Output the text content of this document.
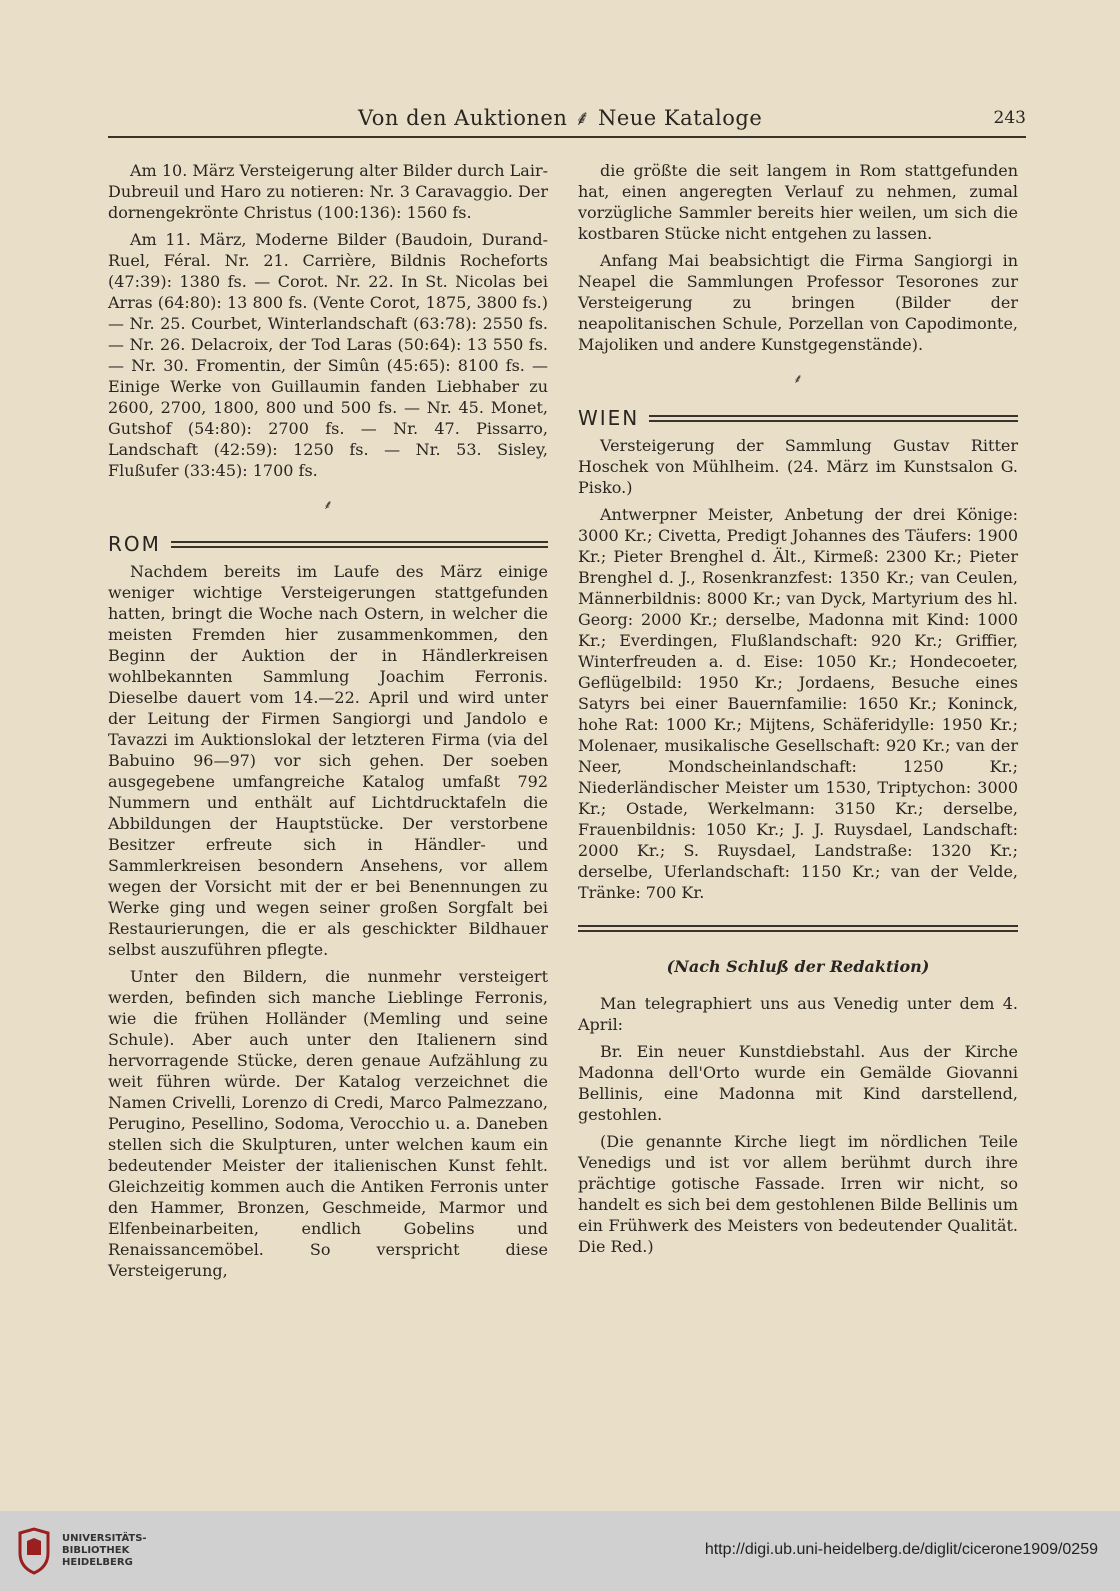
Von den Auktionen ⸙ Neue Kataloge	243

Am 10. März Versteigerung alter Bilder durch Lair-Dubreuil und Haro zu notieren: Nr. 3 Caravaggio. Der dornengekrönte Christus (100:136): 1560 fs.

Am 11. März, Moderne Bilder (Baudoin, Durand-Ruel, Féral. Nr. 21. Carrière, Bildnis Rocheforts (47:39): 1380 fs. — Corot. Nr. 22. In St. Nicolas bei Arras (64:80): 13 800 fs. (Vente Corot, 1875, 3800 fs.) — Nr. 25. Courbet, Winterlandschaft (63:78): 2550 fs. — Nr. 26. Delacroix, der Tod Laras (50:64): 13 550 fs. — Nr. 30. Fromentin, der Simûn (45:65): 8100 fs. — Einige Werke von Guillaumin fanden Liebhaber zu 2600, 2700, 1800, 800 und 500 fs. — Nr. 45. Monet, Gutshof (54:80): 2700 fs. — Nr. 47. Pissarro, Landschaft (42:59): 1250 fs. — Nr. 53. Sisley, Flußufer (33:45): 1700 fs.

⸙
ROM

Nachdem bereits im Laufe des März einige weniger wichtige Versteigerungen stattgefunden hatten, bringt die Woche nach Ostern, in welcher die meisten Fremden hier zusammenkommen, den Beginn der Auktion der in Händlerkreisen wohlbekannten Sammlung Joachim Ferronis. Dieselbe dauert vom 14.—22. April und wird unter der Leitung der Firmen Sangiorgi und Jandolo e Tavazzi im Auktionslokal der letzteren Firma (via del Babuino 96—97) vor sich gehen. Der soeben ausgegebene umfangreiche Katalog umfaßt 792 Nummern und enthält auf Lichtdrucktafeln die Abbildungen der Hauptstücke. Der verstorbene Besitzer erfreute sich in Händler- und Sammlerkreisen besondern Ansehens, vor allem wegen der Vorsicht mit der er bei Benennungen zu Werke ging und wegen seiner großen Sorgfalt bei Restaurierungen, die er als geschickter Bildhauer selbst auszuführen pflegte.

Unter den Bildern, die nunmehr versteigert werden, befinden sich manche Lieblinge Ferronis, wie die frühen Holländer (Memling und seine Schule). Aber auch unter den Italienern sind hervorragende Stücke, deren genaue Aufzählung zu weit führen würde. Der Katalog verzeichnet die Namen Crivelli, Lorenzo di Credi, Marco Palmezzano, Perugino, Pesellino, Sodoma, Verocchio u. a. Daneben stellen sich die Skulpturen, unter welchen kaum ein bedeutender Meister der italienischen Kunst fehlt. Gleichzeitig kommen auch die Antiken Ferronis unter den Hammer, Bronzen, Geschmeide, Marmor und Elfenbeinarbeiten, endlich Gobelins und Renaissancemöbel. So verspricht diese Versteigerung,

die größte die seit langem in Rom stattgefunden hat, einen angeregten Verlauf zu nehmen, zumal vorzügliche Sammler bereits hier weilen, um sich die kostbaren Stücke nicht entgehen zu lassen.

Anfang Mai beabsichtigt die Firma Sangiorgi in Neapel die Sammlungen Professor Tesorones zur Versteigerung zu bringen (Bilder der neapolitanischen Schule, Porzellan von Capodimonte, Majoliken und andere Kunstgegenstände).

⸙
WIEN

Versteigerung der Sammlung Gustav Ritter Hoschek von Mühlheim. (24. März im Kunstsalon G. Pisko.)

Antwerpner Meister, Anbetung der drei Könige: 3000 Kr.; Civetta, Predigt Johannes des Täufers: 1900 Kr.; Pieter Brenghel d. Ält., Kirmeß: 2300 Kr.; Pieter Brenghel d. J., Rosenkranzfest: 1350 Kr.; van Ceulen, Männerbildnis: 8000 Kr.; van Dyck, Martyrium des hl. Georg: 2000 Kr.; derselbe, Madonna mit Kind: 1000 Kr.; Everdingen, Flußlandschaft: 920 Kr.; Griffier, Winterfreuden a. d. Eise: 1050 Kr.; Hondecoeter, Geflügelbild: 1950 Kr.; Jordaens, Besuche eines Satyrs bei einer Bauernfamilie: 1650 Kr.; Koninck, hohe Rat: 1000 Kr.; Mijtens, Schäferidylle: 1950 Kr.; Molenaer, musikalische Gesellschaft: 920 Kr.; van der Neer, Mondscheinlandschaft: 1250 Kr.; Niederländischer Meister um 1530, Triptychon: 3000 Kr.; Ostade, Werkelmann: 3150 Kr.; derselbe, Frauenbildnis: 1050 Kr.; J. J. Ruysdael, Landschaft: 2000 Kr.; S. Ruysdael, Landstraße: 1320 Kr.; derselbe, Uferlandschaft: 1150 Kr.; van der Velde, Tränke: 700 Kr.

(Nach Schluß der Redaktion)

Man telegraphiert uns aus Venedig unter dem 4. April:

Br. Ein neuer Kunstdiebstahl. Aus der Kirche Madonna dell'Orto wurde ein Gemälde Giovanni Bellinis, eine Madonna mit Kind darstellend, gestohlen.

(Die genannte Kirche liegt im nördlichen Teile Venedigs und ist vor allem berühmt durch ihre prächtige gotische Fassade. Irren wir nicht, so handelt es sich bei dem gestohlenen Bilde Bellinis um ein Frühwerk des Meisters von bedeutender Qualität. Die Red.)

UNIVERSITÄTS-
BIBLIOTHEK
HEIDELBERG
http://digi.ub.uni-heidelberg.de/diglit/cicerone1909/0259
